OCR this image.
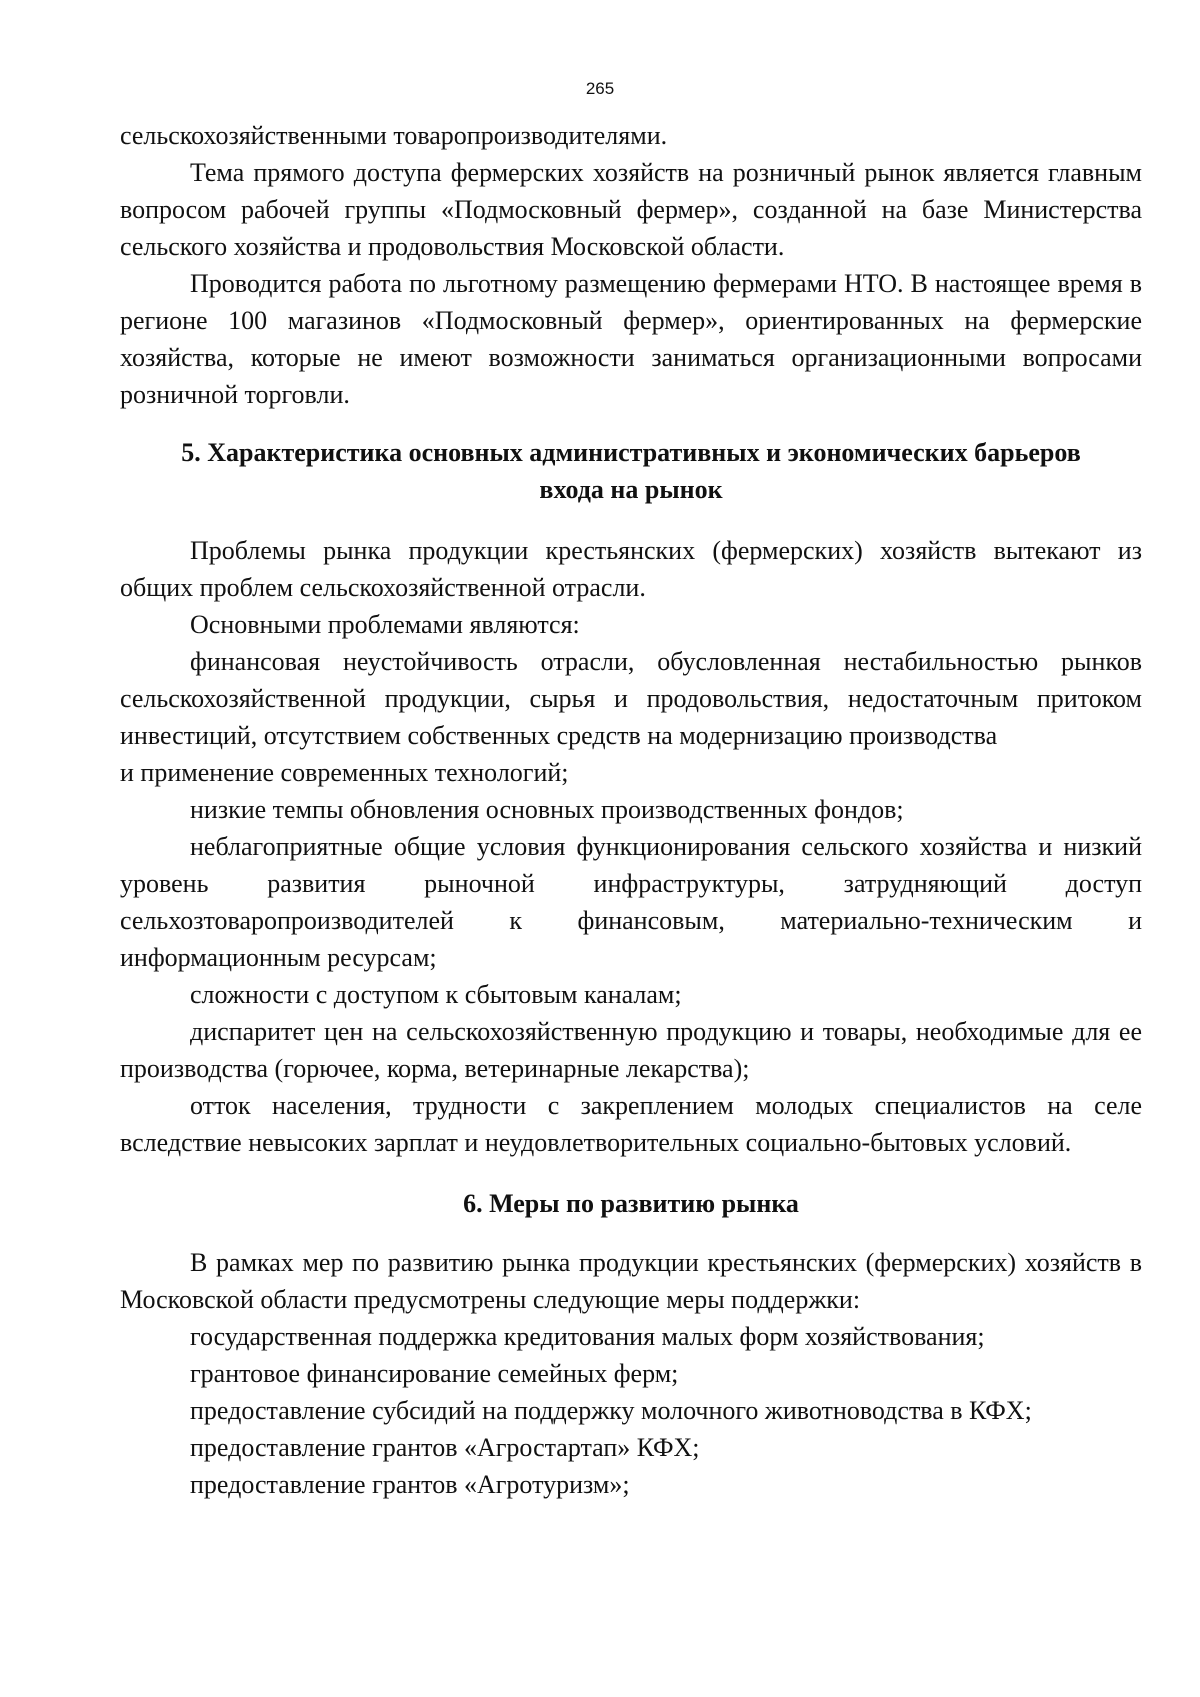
265

сельскохозяйственными товаропроизводителями.

Тема прямого доступа фермерских хозяйств на розничный рынок является главным вопросом рабочей группы «Подмосковный фермер», созданной на базе Министерства сельского хозяйства и продовольствия Московской области.

Проводится работа по льготному размещению фермерами НТО. В настоящее время в регионе 100 магазинов «Подмосковный фермер», ориентированных на фермерские хозяйства, которые не имеют возможности заниматься организационными вопросами розничной торговли.

5. Характеристика основных административных и экономических барьеров
входа на рынок

Проблемы рынка продукции крестьянских (фермерских) хозяйств вытекают из общих проблем сельскохозяйственной отрасли.

Основными проблемами являются:

финансовая неустойчивость отрасли, обусловленная нестабильностью рынков сельскохозяйственной продукции, сырья и продовольствия, недостаточным притоком инвестиций, отсутствием собственных средств на модернизацию производства

и применение современных технологий;

низкие темпы обновления основных производственных фондов;

неблагоприятные общие условия функционирования сельского хозяйства и низкий уровень развития рыночной инфраструктуры, затрудняющий доступ сельхозтоваропроизводителей к финансовым, материально-техническим и информационным ресурсам;

сложности с доступом к сбытовым каналам;

диспаритет цен на сельскохозяйственную продукцию и товары, необходимые для ее производства (горючее, корма, ветеринарные лекарства);

отток населения, трудности с закреплением молодых специалистов на селе вследствие невысоких зарплат и неудовлетворительных социально-бытовых условий.

6. Меры по развитию рынка

В рамках мер по развитию рынка продукции крестьянских (фермерских) хозяйств в Московской области предусмотрены следующие меры поддержки:

государственная поддержка кредитования малых форм хозяйствования;

грантовое финансирование семейных ферм;

предоставление субсидий на поддержку молочного животноводства в КФХ;

предоставление грантов «Агростартап» КФХ;

предоставление грантов «Агротуризм»;
